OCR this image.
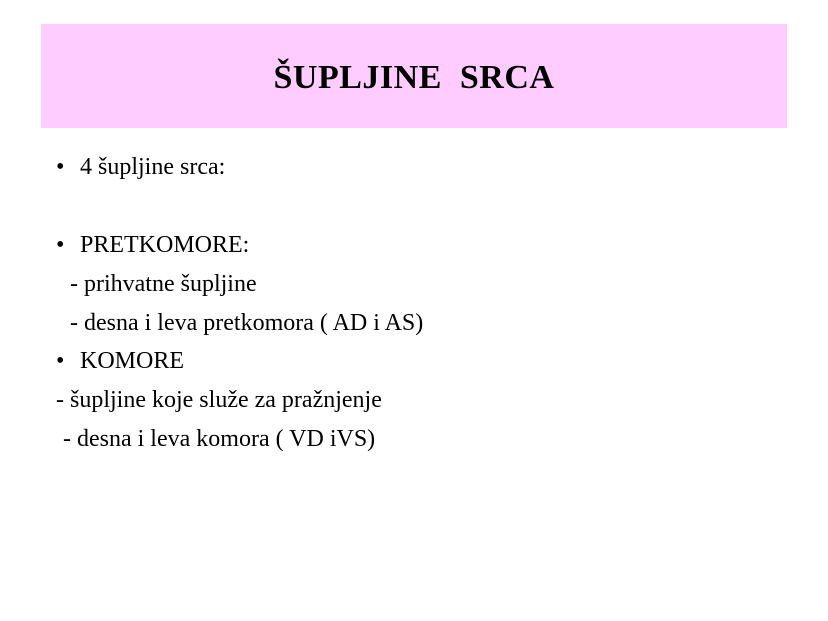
ŠUPLJINE  SRCA
• 4 šupljine srca:
• PRETKOMORE:
- prihvatne šupljine
- desna i leva pretkomora ( AD i AS)
• KOMORE
- šupljine koje služe za pražnjenje
- desna i leva komora ( VD iVS)
